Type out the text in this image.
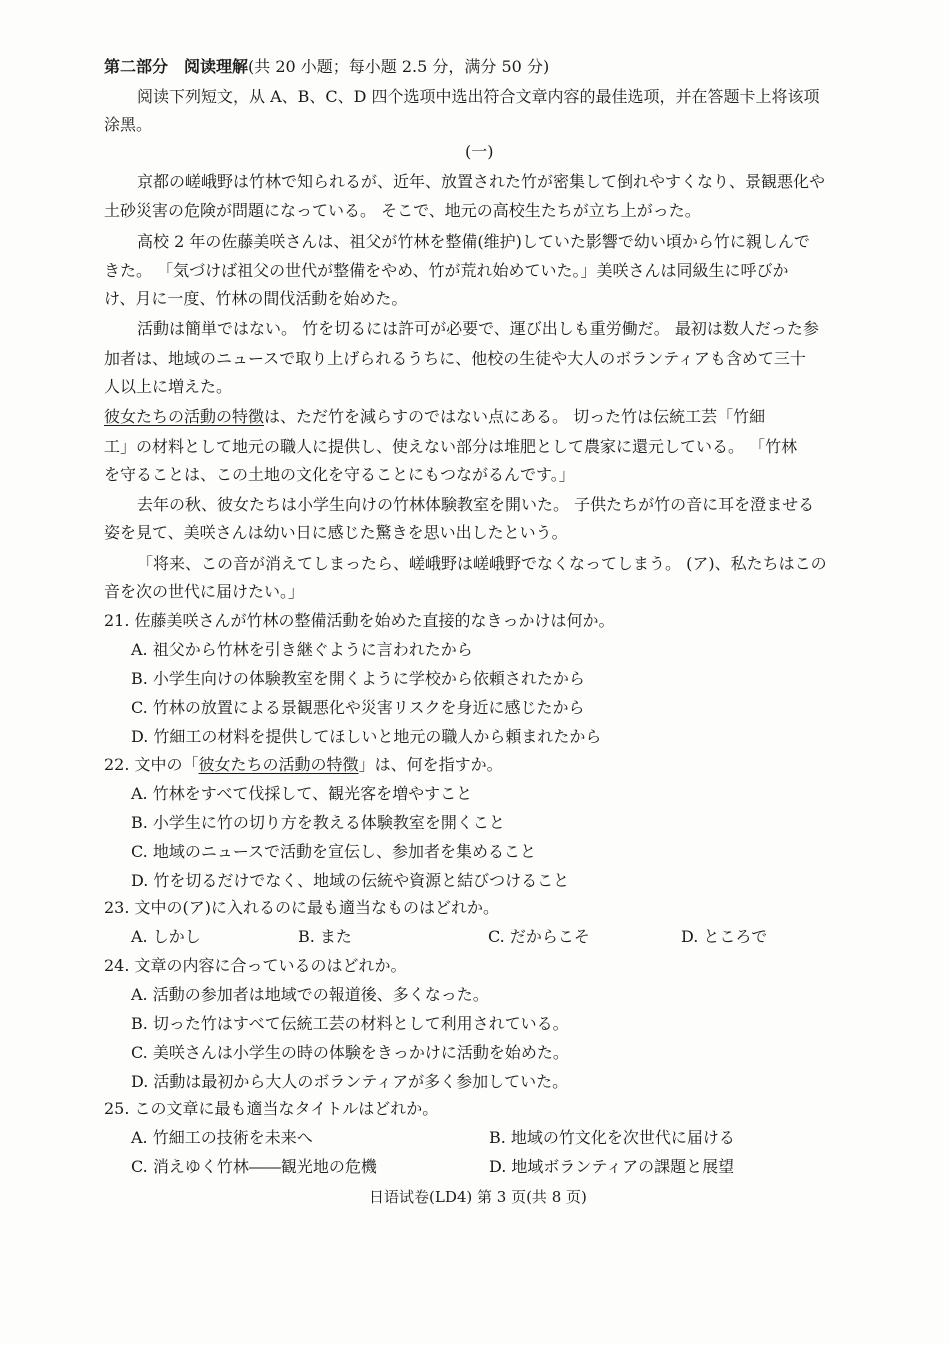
第二部分　阅读理解(共 20 小题；每小题 2.5 分，满分 50 分)
阅读下列短文，从 A、B、C、D 四个选项中选出符合文章内容的最佳选项，并在答题卡上将该项
涂黑。
(一)
京都の嵯峨野は竹林で知られるが、近年、放置された竹が密集して倒れやすくなり、景観悪化や
土砂災害の危険が問題になっている。 そこで、地元の高校生たちが立ち上がった。
高校 2 年の佐藤美咲さんは、祖父が竹林を整備(维护)していた影響で幼い頃から竹に親しんで
きた。 「気づけば祖父の世代が整備をやめ、竹が荒れ始めていた。」美咲さんは同級生に呼びか
け、月に一度、竹林の間伐活動を始めた。
活動は簡単ではない。 竹を切るには許可が必要で、運び出しも重労働だ。 最初は数人だった参
加者は、地域のニュースで取り上げられるうちに、他校の生徒や大人のボランティアも含めて三十
人以上に増えた。
彼女たちの活動の特徴は、ただ竹を減らすのではない点にある。 切った竹は伝統工芸「竹細
工」の材料として地元の職人に提供し、使えない部分は堆肥として農家に還元している。 「竹林
を守ることは、この土地の文化を守ることにもつながるんです。」
去年の秋、彼女たちは小学生向けの竹林体験教室を開いた。 子供たちが竹の音に耳を澄ませる
姿を見て、美咲さんは幼い日に感じた驚きを思い出したという。
「将来、この音が消えてしまったら、嵯峨野は嵯峨野でなくなってしまう。 (ア)、私たちはこの
音を次の世代に届けたい。」
21. 佐藤美咲さんが竹林の整備活動を始めた直接的なきっかけは何か。
A. 祖父から竹林を引き継ぐように言われたから
B. 小学生向けの体験教室を開くように学校から依頼されたから
C. 竹林の放置による景観悪化や災害リスクを身近に感じたから
D. 竹細工の材料を提供してほしいと地元の職人から頼まれたから
22. 文中の「彼女たちの活動の特徴」は、何を指すか。
A. 竹林をすべて伐採して、観光客を増やすこと
B. 小学生に竹の切り方を教える体験教室を開くこと
C. 地域のニュースで活動を宣伝し、参加者を集めること
D. 竹を切るだけでなく、地域の伝統や資源と結びつけること
23. 文中の(ア)に入れるのに最も適当なものはどれか。
A. しかし	B. また	C. だからこそ	D. ところで
24. 文章の内容に合っているのはどれか。
A. 活動の参加者は地域での報道後、多くなった。
B. 切った竹はすべて伝統工芸の材料として利用されている。
C. 美咲さんは小学生の時の体験をきっかけに活動を始めた。
D. 活動は最初から大人のボランティアが多く参加していた。
25. この文章に最も適当なタイトルはどれか。
A. 竹細工の技術を未来へ	B. 地域の竹文化を次世代に届ける
C. 消えゆく竹林――観光地の危機	D. 地域ボランティアの課題と展望
日语试卷(LD4) 第 3 页(共 8 页)
